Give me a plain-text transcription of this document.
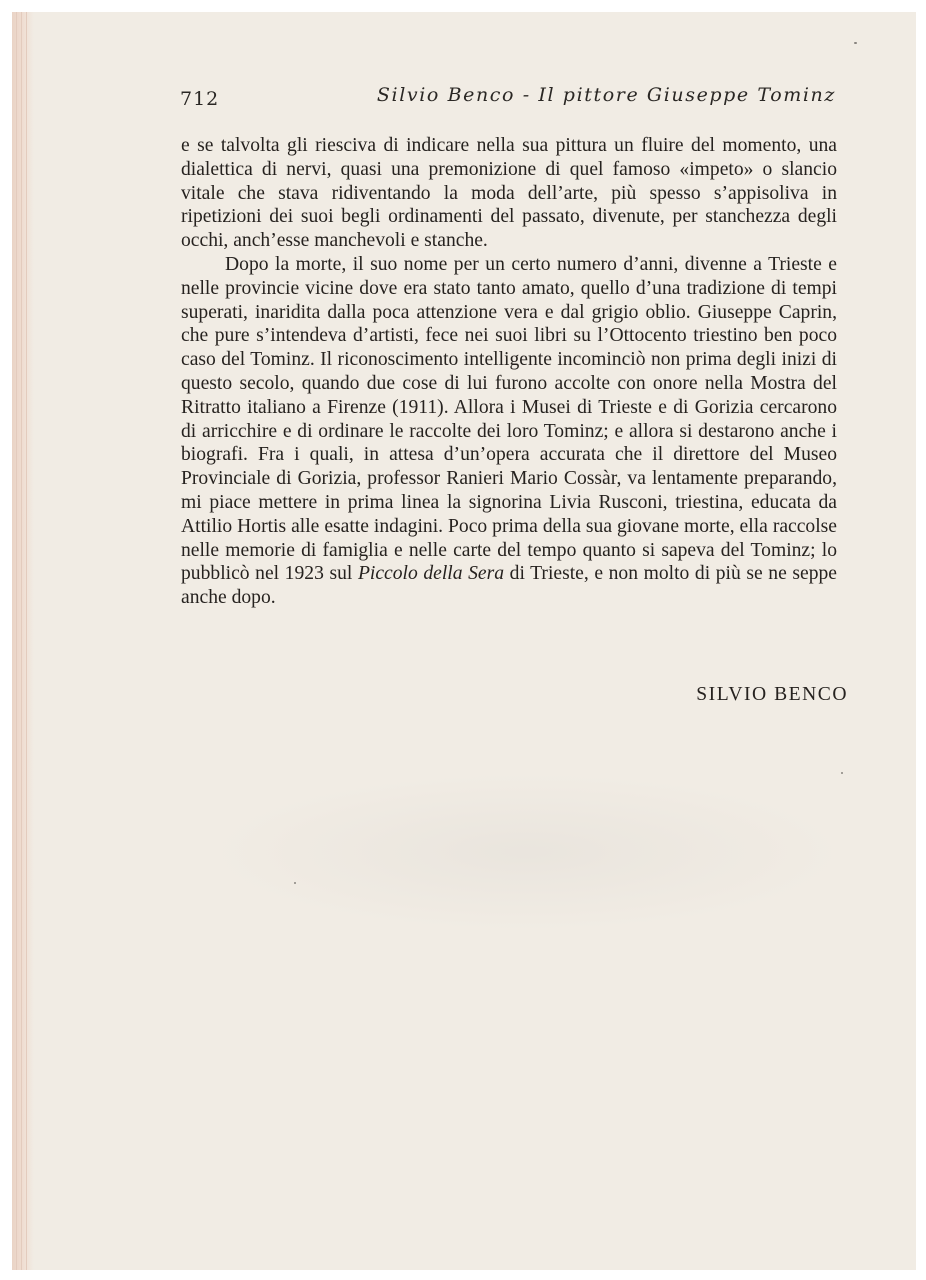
712	Silvio Benco - Il pittore Giuseppe Tominz

e se talvolta gli riesciva di indicare nella sua pittura un fluire del momento, una dialettica di nervi, quasi una premonizione di quel famoso «impeto» o slancio vitale che stava ridiventando la moda dell’arte, più spesso s’appisoliva in ripetizioni dei suoi begli ordinamenti del passato, divenute, per stanchezza degli occhi, anch’esse manchevoli e stanche.

Dopo la morte, il suo nome per un certo numero d’anni, divenne a Trieste e nelle provincie vicine dove era stato tanto amato, quello d’una tradizione di tempi superati, inaridita dalla poca attenzione vera e dal grigio oblio. Giuseppe Caprin, che pure s’intendeva d’artisti, fece nei suoi libri su l’Ottocento triestino ben poco caso del Tominz. Il riconoscimento intelligente incominciò non prima degli inizi di questo secolo, quando due cose di lui furono accolte con onore nella Mostra del Ritratto italiano a Firenze (1911). Allora i Musei di Trieste e di Gorizia cercarono di arricchire e di ordinare le raccolte dei loro Tominz; e allora si destarono anche i biografi. Fra i quali, in attesa d’un’opera accurata che il direttore del Museo Provinciale di Gorizia, professor Ranieri Mario Cossàr, va lentamente preparando, mi piace mettere in prima linea la signorina Livia Rusconi, triestina, educata da Attilio Hortis alle esatte indagini. Poco prima della sua giovane morte, ella raccolse nelle memorie di famiglia e nelle carte del tempo quanto si sapeva del Tominz; lo pubblicò nel 1923 sul Piccolo della Sera di Trieste, e non molto di più se ne seppe anche dopo.

SILVIO BENCO
